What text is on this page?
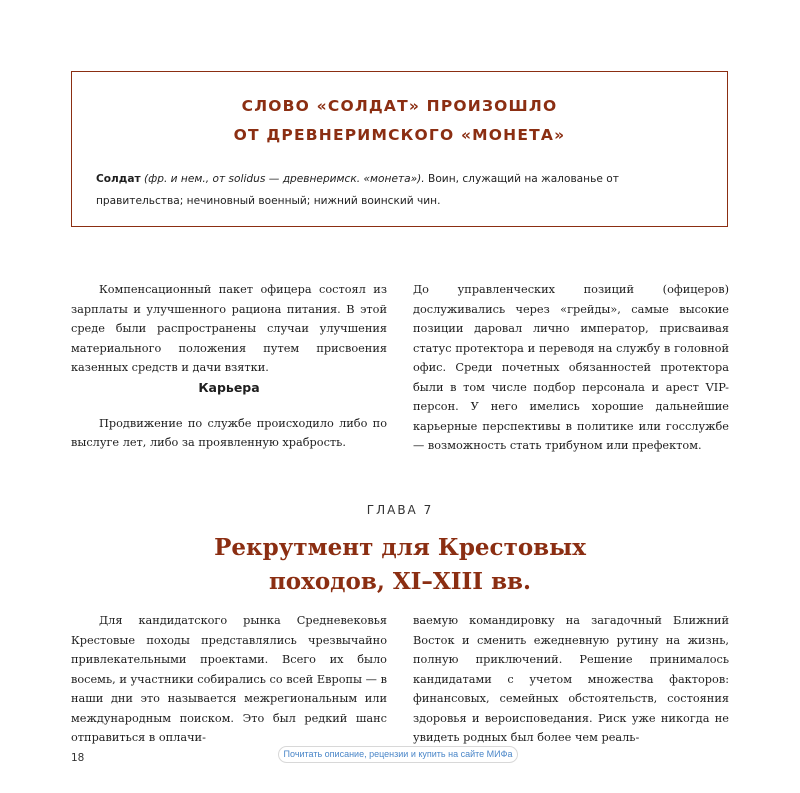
СЛОВО «СОЛДАТ» ПРОИЗОШЛО
ОТ ДРЕВНЕРИМСКОГО «МОНЕТА»
Солдат (фр. и нем., от solidus — древнеримск. «монета»). Воин, служащий на жалованье от правительства; нечиновный военный; нижний воинский чин.

Компенсационный пакет офицера состоял из зарплаты и улучшенного рациона питания. В этой среде были распространены случаи улучшения материального положения путем присвоения казенных средств и дачи взятки.

Карьера

Продвижение по службе происходило либо по выслуге лет, либо за проявленную храбрость.

До управленческих позиций (офицеров) дослуживались через «грейды», самые высокие позиции даровал лично император, присваивая статус протектора и переводя на службу в головной офис. Среди почетных обязанностей протектора были в том числе подбор персонала и арест VIP-персон. У него имелись хорошие дальнейшие карьерные перспективы в политике или госслужбе — возможность стать трибуном или префектом.

ГЛАВА 7
Рекрутмент для Крестовых
походов, XI–XIII вв.

Для кандидатского рынка Средневековья Крестовые походы представлялись чрезвычайно привлекательными проектами. Всего их было восемь, и участники собирались со всей Европы — в наши дни это называется межрегиональным или международным поиском. Это был редкий шанс отправиться в оплачи-

ваемую командировку на загадочный Ближний Восток и сменить ежедневную рутину на жизнь, полную приключений. Решение принималось кандидатами с учетом множества факторов: финансовых, семейных обстоятельств, состояния здоровья и вероисповедания. Риск уже никогда не увидеть родных был более чем реаль-

18	Почитать описание, рецензии и купить на сайте МИФа
